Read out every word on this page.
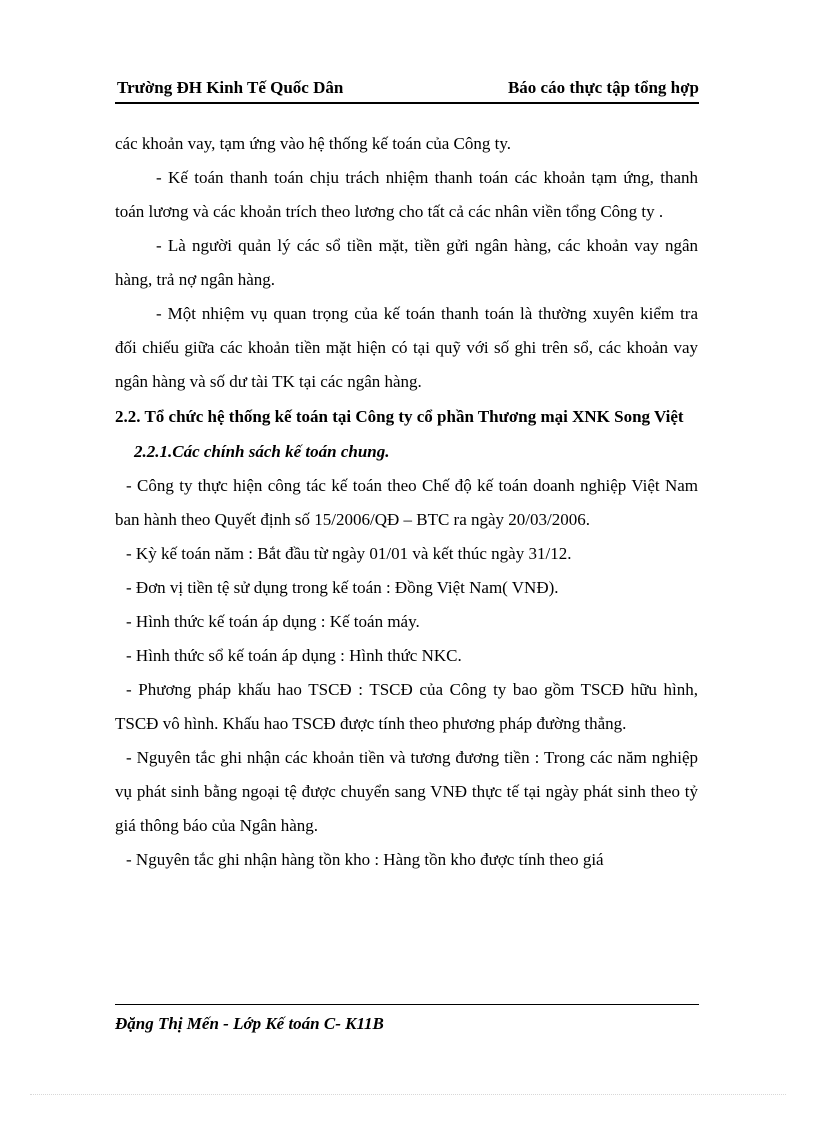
Trường ĐH Kinh Tế Quốc Dân	Báo cáo thực tập tổng hợp

các khoản vay, tạm ứng vào hệ thống kế toán của Công ty.

- Kế toán thanh toán chịu trách nhiệm thanh toán các khoản tạm ứng, thanh toán lương và các khoản trích theo lương cho tất cả các nhân viền tổng Công ty .

- Là người quản lý các sổ tiền mặt, tiền gửi ngân hàng, các khoản vay ngân hàng, trả nợ ngân hàng.

- Một nhiệm vụ quan trọng của kế toán thanh toán là thường xuyên kiểm tra đối chiếu giữa các khoản tiền mặt hiện có tại quỹ với số ghi trên sổ, các khoản vay ngân hàng và số dư tài TK tại các ngân hàng.

2.2. Tổ chức hệ thống kế toán tại Công ty cổ phần Thương mại XNK Song Việt

2.2.1.Các chính sách kế toán chung.

- Công ty thực hiện công tác kế toán theo Chế độ kế toán doanh nghiệp Việt Nam ban hành theo Quyết định số 15/2006/QĐ – BTC ra ngày 20/03/2006.

- Kỳ kế toán năm : Bắt đầu từ ngày 01/01 và kết thúc ngày 31/12.

- Đơn vị tiền tệ sử dụng trong kế toán : Đồng Việt Nam( VNĐ).

- Hình thức kế toán áp dụng : Kế toán máy.

- Hình thức sổ kế toán áp dụng : Hình thức NKC.

- Phương pháp khấu hao TSCĐ : TSCĐ của Công ty bao gồm TSCĐ hữu hình, TSCĐ vô hình. Khấu hao TSCĐ được tính theo phương pháp đường thẳng.

- Nguyên tắc ghi nhận các khoản tiền và tương đương tiền : Trong các năm nghiệp vụ phát sinh bằng ngoại tệ được chuyển sang VNĐ thực tế tại ngày phát sinh theo tỷ giá thông báo của Ngân hàng.

- Nguyên tắc ghi nhận hàng tồn kho : Hàng tồn kho được tính theo giá

Đặng Thị Mến - Lớp Kế toán C- K11B
